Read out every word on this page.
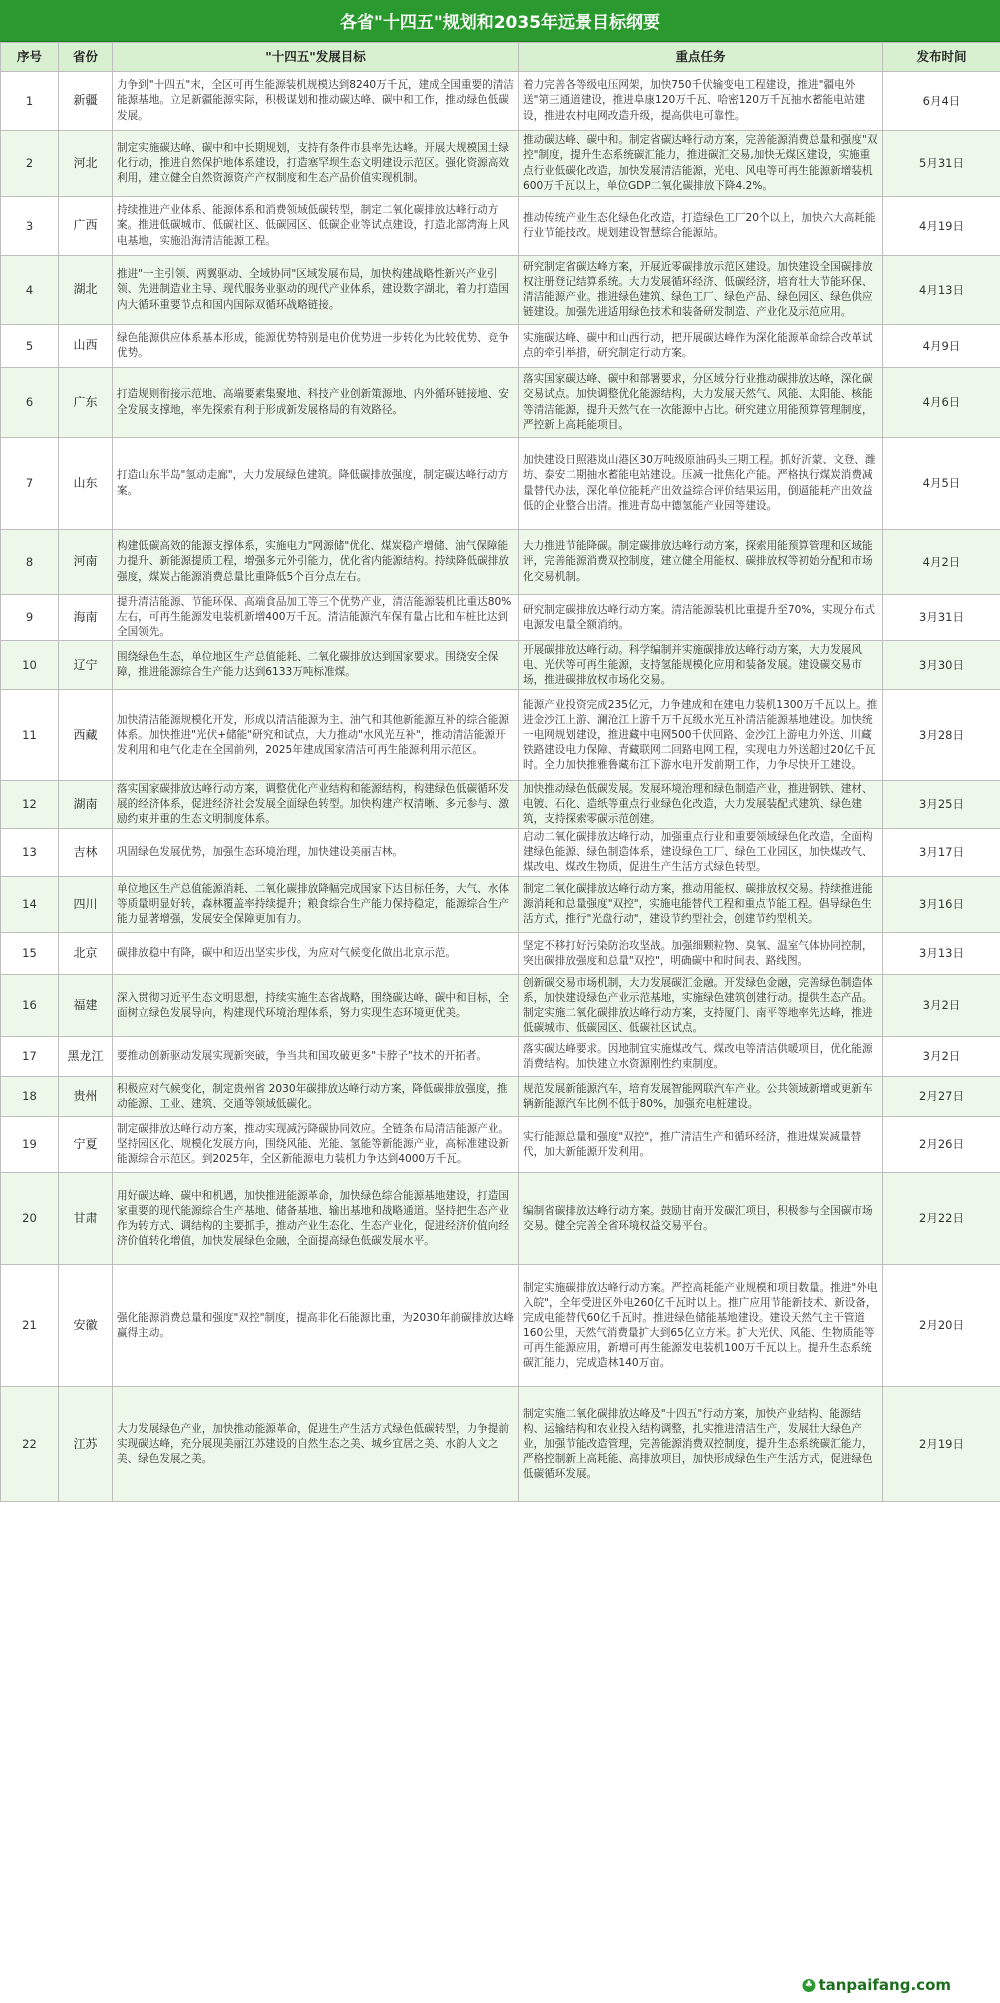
各省"十四五"规划和2035年远景目标纲要
序号	省份	"十四五"发展目标	重点任务	发布时间
1	新疆	力争到"十四五"末，全区可再生能源装机规模达到8240万千瓦，建成全国重要的清洁能源基地。立足新疆能源实际，积极谋划和推动碳达峰、碳中和工作，推动绿色低碳发展。	着力完善各等级电压网架，加快750千伏输变电工程建设，推进"疆电外送"第三通道建设，推进阜康120万千瓦、哈密120万千瓦抽水蓄能电站建设，推进农村电网改造升级，提高供电可靠性。	6月4日
2	河北	制定实施碳达峰、碳中和中长期规划，支持有条件市县率先达峰。开展大规模国土绿化行动，推进自然保护地体系建设，打造塞罕坝生态文明建设示范区。强化资源高效利用，建立健全自然资源资产产权制度和生态产品价值实现机制。	推动碳达峰、碳中和。制定省碳达峰行动方案，完善能源消费总量和强度"双控"制度，提升生态系统碳汇能力，推进碳汇交易,加快无煤区建设，实施重点行业低碳化改造，加快发展清洁能源，光电、风电等可再生能源新增装机600万千瓦以上，单位GDP二氧化碳排放下降4.2%。	5月31日
3	广西	持续推进产业体系、能源体系和消费领域低碳转型，制定二氧化碳排放达峰行动方案。推进低碳城市、低碳社区、低碳园区、低碳企业等试点建设，打造北部湾海上风电基地，实施沿海清洁能源工程。	推动传统产业生态化绿色化改造，打造绿色工厂20个以上，加快六大高耗能行业节能技改。规划建设智慧综合能源站。	4月19日
4	湖北	推进"一主引领、两翼驱动、全域协同"区域发展布局，加快构建战略性新兴产业引领、先进制造业主导、现代服务业驱动的现代产业体系，建设数字湖北，着力打造国内大循环重要节点和国内国际双循环战略链接。	研究制定省碳达峰方案，开展近零碳排放示范区建设。加快建设全国碳排放权注册登记结算系统。大力发展循环经济、低碳经济，培育壮大节能环保、清洁能源产业。推进绿色建筑、绿色工厂、绿色产品、绿色园区、绿色供应链建设。加强先进适用绿色技术和装备研发制造、产业化及示范应用。	4月13日
5	山西	绿色能源供应体系基本形成，能源优势特别是电价优势进一步转化为比较优势、竞争优势。	实施碳达峰、碳中和山西行动，把开展碳达峰作为深化能源革命综合改革试点的牵引举措，研究制定行动方案。	4月9日
6	广东	打造规则衔接示范地、高端要素集聚地、科技产业创新策源地、内外循环链接地、安全发展支撑地，率先探索有利于形成新发展格局的有效路径。	落实国家碳达峰、碳中和部署要求，分区域分行业推动碳排放达峰，深化碳交易试点。加快调整优化能源结构，大力发展天然气、风能、太阳能、核能等清洁能源，提升天然气在一次能源中占比。研究建立用能预算管理制度，严控新上高耗能项目。	4月6日
7	山东	打造山东半岛"氢动走廊"，大力发展绿色建筑。降低碳排放强度，制定碳达峰行动方案。	加快建设日照港岚山港区30万吨级原油码头三期工程。抓好沂蒙、文登、潍坊、泰安二期抽水蓄能电站建设。压减一批焦化产能。严格执行煤炭消费减量替代办法，深化单位能耗产出效益综合评价结果运用，倒逼能耗产出效益低的企业整合出清。推进青岛中德氢能产业园等建设。	4月5日
8	河南	构建低碳高效的能源支撑体系，实施电力"网源储"优化、煤炭稳产增储、油气保障能力提升、新能源提质工程，增强多元外引能力，优化省内能源结构。持续降低碳排放强度，煤炭占能源消费总量比重降低5个百分点左右。	大力推进节能降碳。制定碳排放达峰行动方案，探索用能预算管理和区域能评，完善能源消费双控制度，建立健全用能权、碳排放权等初始分配和市场化交易机制。	4月2日
9	海南	提升清洁能源、节能环保、高端食品加工等三个优势产业，清洁能源装机比重达80%左右，可再生能源发电装机新增400万千瓦。清洁能源汽车保有量占比和车桩比达到全国领先。	研究制定碳排放达峰行动方案。清洁能源装机比重提升至70%，实现分布式电源发电量全额消纳。	3月31日
10	辽宁	围绕绿色生态，单位地区生产总值能耗、二氧化碳排放达到国家要求。围绕安全保障，推进能源综合生产能力达到6133万吨标准煤。	开展碳排放达峰行动。科学编制并实施碳排放达峰行动方案，大力发展风电、光伏等可再生能源，支持氢能规模化应用和装备发展。建设碳交易市场，推进碳排放权市场化交易。	3月30日
11	西藏	加快清洁能源规模化开发，形成以清洁能源为主、油气和其他新能源互补的综合能源体系。加快推进"光伏+储能"研究和试点，大力推动"水风光互补"，推动清洁能源开发利用和电气化走在全国前列，2025年建成国家清洁可再生能源利用示范区。	能源产业投资完成235亿元，力争建成和在建电力装机1300万千瓦以上。推进金沙江上游、澜沧江上游千万千瓦级水光互补清洁能源基地建设。加快统一电网规划建设，推进藏中电网500千伏回路、金沙江上游电力外送、川藏铁路建设电力保障、青藏联网二回路电网工程，实现电力外送超过20亿千瓦时。全力加快推雅鲁藏布江下游水电开发前期工作，力争尽快开工建设。	3月28日
12	湖南	落实国家碳排放达峰行动方案，调整优化产业结构和能源结构，构建绿色低碳循环发展的经济体系，促进经济社会发展全面绿色转型。加快构建产权清晰、多元参与、激励约束并重的生态文明制度体系。	加快推动绿色低碳发展。发展环境治理和绿色制造产业，推进钢铁、建材、电镀、石化、造纸等重点行业绿色化改造，大力发展装配式建筑、绿色建筑，支持探索零碳示范创建。	3月25日
13	吉林	巩固绿色发展优势，加强生态环境治理，加快建设美丽吉林。	启动二氧化碳排放达峰行动，加强重点行业和重要领域绿色化改造，全面构建绿色能源、绿色制造体系，建设绿色工厂、绿色工业园区，加快煤改气、煤改电、煤改生物质，促进生产生活方式绿色转型。	3月17日
14	四川	单位地区生产总值能源消耗、二氧化碳排放降幅完成国家下达目标任务，大气、水体等质量明显好转，森林覆盖率持续提升；粮食综合生产能力保持稳定，能源综合生产能力显著增强，发展安全保障更加有力。	制定二氧化碳排放达峰行动方案，推动用能权、碳排放权交易。持续推进能源消耗和总量强度"双控"，实施电能替代工程和重点节能工程。倡导绿色生活方式，推行"光盘行动"，建设节约型社会，创建节约型机关。	3月16日
15	北京	碳排放稳中有降，碳中和迈出坚实步伐，为应对气候变化做出北京示范。	坚定不移打好污染防治攻坚战。加强细颗粒物、臭氧、温室气体协同控制，突出碳排放强度和总量"双控"，明确碳中和时间表、路线图。	3月13日
16	福建	深入贯彻习近平生态文明思想，持续实施生态省战略，围绕碳达峰、碳中和目标，全面树立绿色发展导向，构建现代环境治理体系，努力实现生态环境更优美。	创新碳交易市场机制，大力发展碳汇金融。开发绿色金融，完善绿色制造体系，加快建设绿色产业示范基地，实施绿色建筑创建行动。提供生态产品。制定实施二氧化碳排放达峰行动方案，支持厦门、南平等地率先达峰，推进低碳城市、低碳园区、低碳社区试点。	3月2日
17	黑龙江	要推动创新驱动发展实现新突破，争当共和国攻破更多"卡脖子"技术的开拓者。	落实碳达峰要求。因地制宜实施煤改气、煤改电等清洁供暖项目，优化能源消费结构。加快建立水资源刚性约束制度。	3月2日
18	贵州	积极应对气候变化，制定贵州省 2030年碳排放达峰行动方案，降低碳排放强度，推动能源、工业、建筑、交通等领域低碳化。	规范发展新能源汽车，培育发展智能网联汽车产业。公共领域新增或更新车辆新能源汽车比例不低于80%，加强充电桩建设。	2月27日
19	宁夏	制定碳排放达峰行动方案，推动实现减污降碳协同效应。全链条布局清洁能源产业。坚持园区化、规模化发展方向，围绕风能、光能、氢能等新能源产业，高标准建设新能源综合示范区。到2025年，全区新能源电力装机力争达到4000万千瓦。	实行能源总量和强度"双控"，推广清洁生产和循环经济，推进煤炭减量替代，加大新能源开发利用。	2月26日
20	甘肃	用好碳达峰、碳中和机遇，加快推进能源革命，加快绿色综合能源基地建设，打造国家重要的现代能源综合生产基地、储备基地、输出基地和战略通道。坚持把生态产业作为转方式、调结构的主要抓手，推动产业生态化、生态产业化，促进经济价值向经济价值转化增值，加快发展绿色金融，全面提高绿色低碳发展水平。	编制省碳排放达峰行动方案。鼓励甘南开发碳汇项目，积极参与全国碳市场交易。健全完善全省环境权益交易平台。	2月22日
21	安徽	强化能源消费总量和强度"双控"制度，提高非化石能源比重，为2030年前碳排放达峰赢得主动。	制定实施碳排放达峰行动方案。严控高耗能产业规模和项目数量。推进"外电入皖"，全年受进区外电260亿千瓦时以上。推广应用节能新技术、新设备，完成电能替代60亿千瓦时。推进绿色储能基地建设。建设天然气主干管道160公里，天然气消费量扩大到65亿立方米。扩大光伏、风能、生物质能等可再生能源应用，新增可再生能源发电装机100万千瓦以上。提升生态系统碳汇能力，完成造林140万亩。	2月20日
22	江苏	大力发展绿色产业，加快推动能源革命，促进生产生活方式绿色低碳转型，力争提前实现碳达峰，充分展现美丽江苏建设的自然生态之美、城乡宜居之美、水韵人文之美、绿色发展之美。	制定实施二氧化碳排放达峰及"十四五"行动方案，加快产业结构、能源结构、运输结构和农业投入结构调整，扎实推进清洁生产，发展壮大绿色产业，加强节能改造管理，完善能源消费双控制度，提升生态系统碳汇能力，严格控制新上高耗能、高排放项目，加快形成绿色生产生活方式，促进绿色低碳循环发展。	2月19日
♣ tanpaifang.com
